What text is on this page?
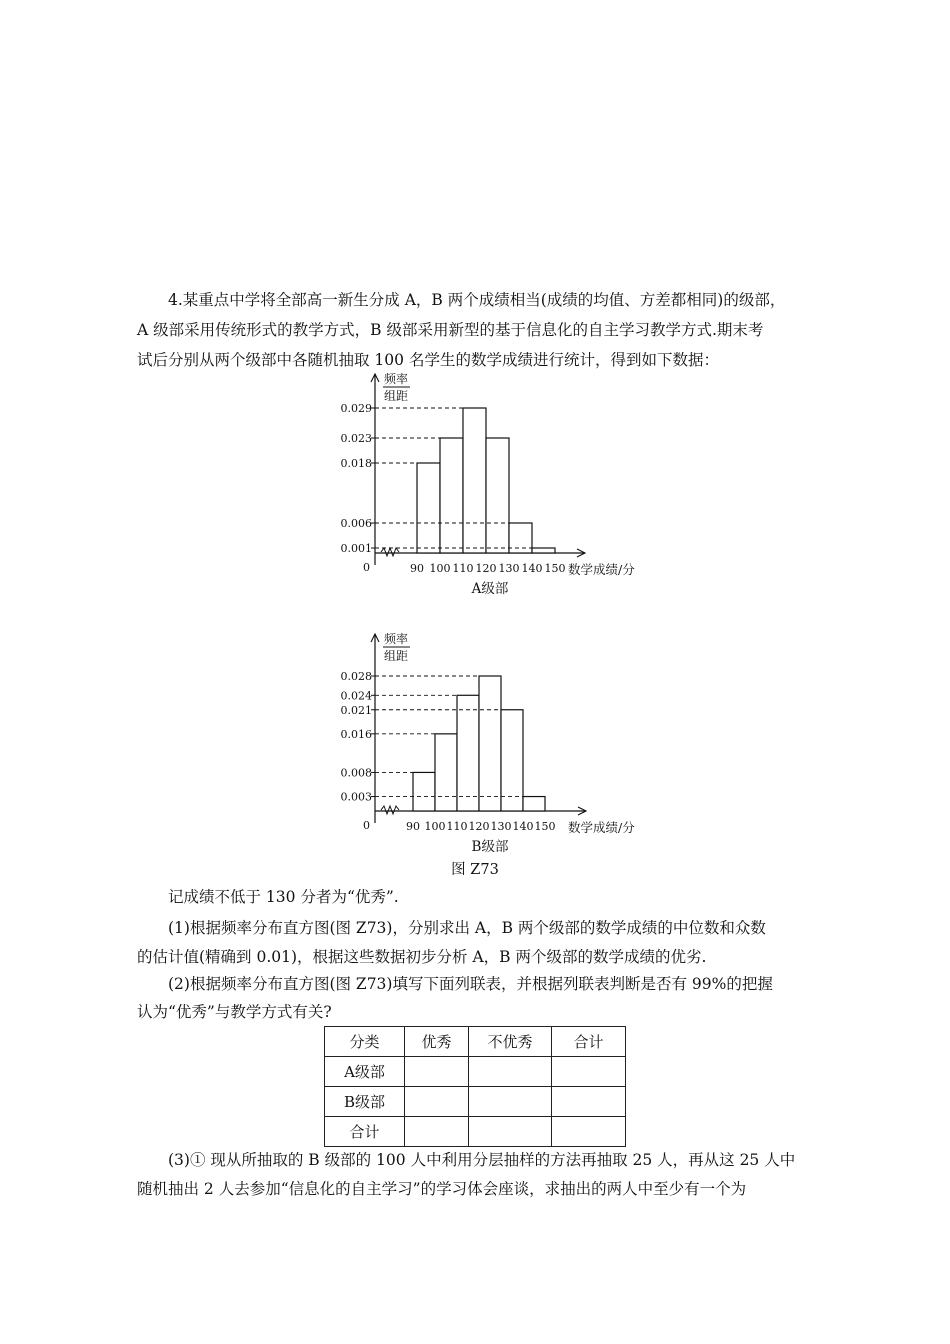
4.某重点中学将全部高一新生分成 A，B 两个成绩相当(成绩的均值、方差都相同)的级部，

A 级部采用传统形式的教学方式，B 级部采用新型的基于信息化的自主学习教学方式.期末考

试后分别从两个级部中各随机抽取 100 名学生的数学成绩进行统计，得到如下数据：

频率
组距
0.029
0.023
0.018
0.006
0.001
0	90 100 110 120 130 140 150 数学成绩/分
A级部
频率
组距
0.028
0.024
0.021
0.016
0.008
0.003
0	90 100 110 120 130 140 150 数学成绩/分
B级部
图 Z73

记成绩不低于 130 分者为“优秀”.

(1)根据频率分布直方图(图 Z73)，分别求出 A，B 两个级部的数学成绩的中位数和众数

的估计值(精确到 0.01)，根据这些数据初步分析 A，B 两个级部的数学成绩的优劣.

(2)根据频率分布直方图(图 Z73)填写下面列联表，并根据列联表判断是否有 99%的把握

认为“优秀”与教学方式有关?

分类	优秀	不优秀	合计
A级部			
B级部			
合计			

(3)① 现从所抽取的 B 级部的 100 人中利用分层抽样的方法再抽取 25 人，再从这 25 人中

随机抽出 2 人去参加“信息化的自主学习”的学习体会座谈，求抽出的两人中至少有一个为
